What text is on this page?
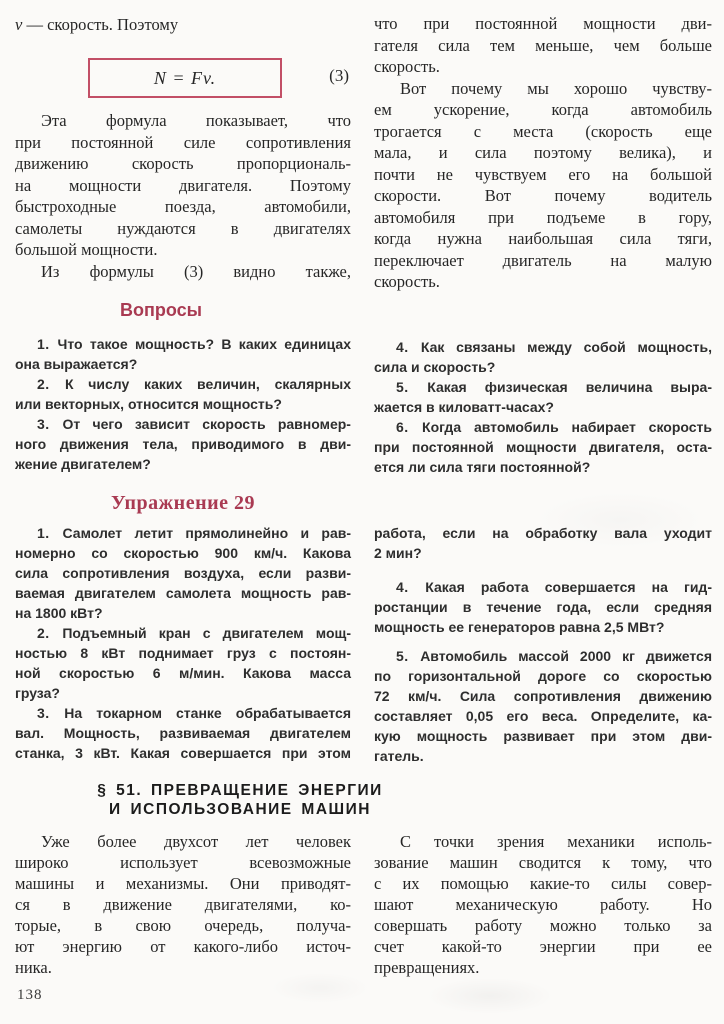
v — скорость. Поэтому
N = Fv.	(3)
Эта формула показывает, что
при постоянной силе сопротивления
движению скорость пропорциональ-
на мощности двигателя. Поэтому
быстроходные поезда, автомобили,
самолеты нуждаются в двигателях
большой мощности.
Из формулы (3) видно также,
что при постоянной мощности дви-
гателя сила тем меньше, чем больше
скорость.
Вот почему мы хорошо чувству-
ем ускорение, когда автомобиль
трогается с места (скорость еще
мала, и сила поэтому велика), и
почти не чувствуем его на большой
скорости. Вот почему водитель
автомобиля при подъеме в гору,
когда нужна наибольшая сила тяги,
переключает двигатель на малую
скорость.
Вопросы
1. Что такое мощность? В каких единицах
она выражается?
2. К числу каких величин, скалярных
или векторных, относится мощность?
3. От чего зависит скорость равномер-
ного движения тела, приводимого в дви-
жение двигателем?
4. Как связаны между собой мощность,
сила и скорость?
5. Какая физическая величина выра-
жается в киловатт-часах?
6. Когда автомобиль набирает скорость
при постоянной мощности двигателя, оста-
ется ли сила тяги постоянной?
Упражнение 29
1. Самолет летит прямолинейно и рав-
номерно со скоростью 900 км/ч. Какова
сила сопротивления воздуха, если разви-
ваемая двигателем самолета мощность рав-
на 1800 кВт?
2. Подъемный кран с двигателем мощ-
ностью 8 кВт поднимает груз с постоян-
ной скоростью 6 м/мин. Какова масса
груза?
3. На токарном станке обрабатывается
вал. Мощность, развиваемая двигателем
станка, 3 кВт. Какая совершается при этом
работа, если на обработку вала уходит
2 мин?
4. Какая работа совершается на гид-
ростанции в течение года, если средняя
мощность ее генераторов равна 2,5 МВт?
5. Автомобиль массой 2000 кг движется
по горизонтальной дороге со скоростью
72 км/ч. Сила сопротивления движению
составляет 0,05 его веса. Определите, ка-
кую мощность развивает при этом дви-
гатель.
§ 51. ПРЕВРАЩЕНИЕ ЭНЕРГИИ
И ИСПОЛЬЗОВАНИЕ МАШИН
Уже более двухсот лет человек
широко использует всевозможные
машины и механизмы. Они приводят-
ся в движение двигателями, ко-
торые, в свою очередь, получа-
ют энергию от какого-либо источ-
ника.
С точки зрения механики исполь-
зование машин сводится к тому, что
с их помощью какие-то силы совер-
шают механическую работу. Но
совершать работу можно только за
счет какой-то энергии при ее
превращениях.
138
